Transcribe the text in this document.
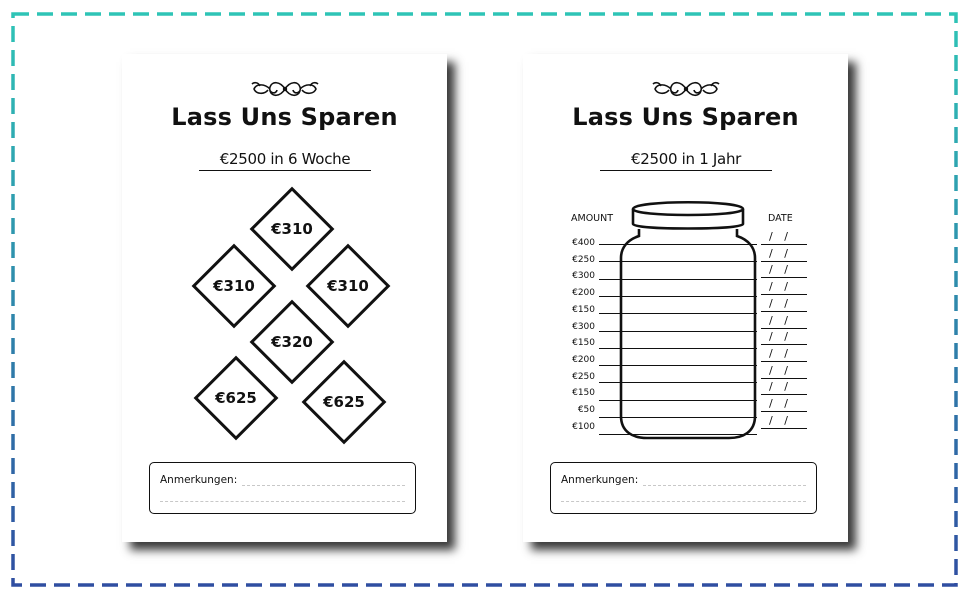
Lass Uns Sparen
€2500 in 6 Woche
€310
€310	€310
€320
€625	€625
Anmerkungen:
Lass Uns Sparen
€2500 in 1 Jahr
AMOUNT	DATE
€400	/ /
€250	/ /
€300	/ /
€200	/ /
€150	/ /
€300	/ /
€150	/ /
€200	/ /
€250	/ /
€150	/ /
€50	/ /
€100	/ /
Anmerkungen:
